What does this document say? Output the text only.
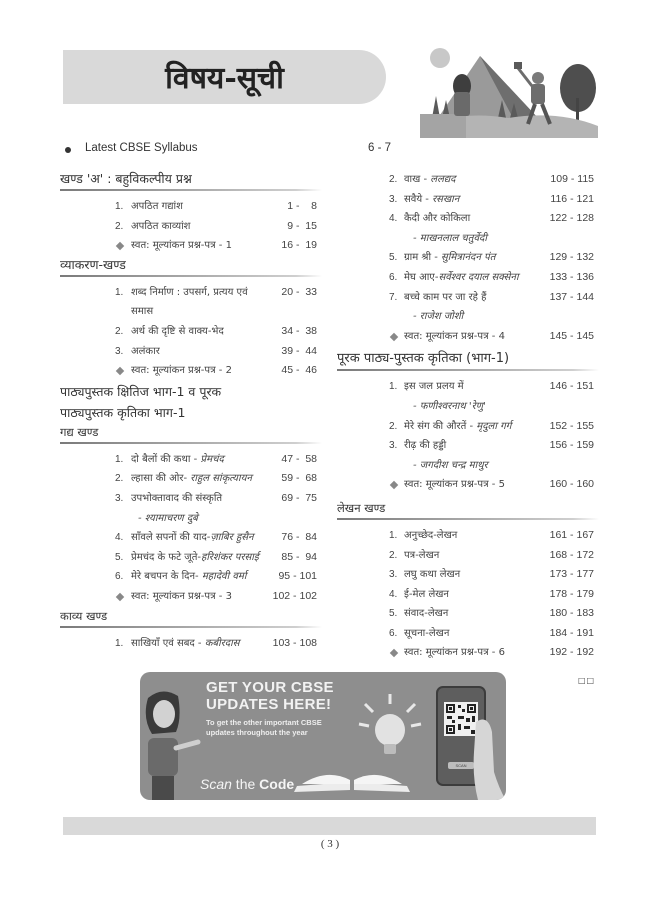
विषय-सूची
Latest CBSE Syllabus	6 - 7
खण्ड 'अ' : बहुविकल्पीय प्रश्न
1. अपठित गद्यांश	1 -    8
2. अपठित काव्यांश	9 -  15
स्वत: मूल्यांकन प्रश्न-पत्र - 1	16 -  19
व्याकरण-खण्ड
1. शब्द निर्माण : उपसर्ग, प्रत्यय एवं	20 -  33
समास
2. अर्थ की दृष्टि से वाक्य-भेद	34 -  38
3. अलंकार	39 -  44
स्वत: मूल्यांकन प्रश्न-पत्र - 2	45 -  46
पाठ्यपुस्तक क्षितिज भाग-1 व पूरक
पाठ्यपुस्तक कृतिका भाग-1
गद्य खण्ड
1. दो बैलों की कथा - प्रेमचंद	47 -  58
2. ल्हासा की ओर- राहुल सांकृत्यायन	59 -  68
3. उपभोक्तावाद की संस्कृति	69 -  75
- श्यामाचरण दुबे
4. साँवले सपनों की याद-ज़ाबिर हुसैन	76 -  84
5. प्रेमचंद के फटे जूते-हरिशंकर परसाई	85 -  94
6. मेरे बचपन के दिन- महादेवी वर्मा	95 - 101
स्वत: मूल्यांकन प्रश्न-पत्र - 3	102 - 102
काव्य खण्ड
1. साखियाँ एवं सबद - कबीरदास	103 - 108
2. वाख - ललद्यद	109 - 115
3. सवैये - रसखान	116 - 121
4. कैदी और कोकिला	122 - 128
- माखनलाल चतुर्वेदी
5. ग्राम श्री - सुमित्रानंदन पंत	129 - 132
6. मेघ आए-सर्वेश्वर दयाल सक्सेना	133 - 136
7. बच्चे काम पर जा रहे हैं	137 - 144
- राजेश जोशी
स्वत: मूल्यांकन प्रश्न-पत्र - 4	145 - 145
पूरक पाठ्य-पुस्तक कृतिका (भाग-1)
1. इस जल प्रलय में	146 - 151
- फणीश्वरनाथ 'रेणु'
2. मेरे संग की औरतें - मृदुला गर्ग	152 - 155
3. रीढ़ की हड्डी	156 - 159
- जगदीश चन्द्र माथुर
स्वत: मूल्यांकन प्रश्न-पत्र - 5	160 - 160
लेखन खण्ड
1. अनुच्छेद-लेखन	161 - 167
2. पत्र-लेखन	168 - 172
3. लघु कथा लेखन	173 - 177
4. ई-मेल लेखन	178 - 179
5. संवाद-लेखन	180 - 183
6. सूचना-लेखन	184 - 191
स्वत: मूल्यांकन प्रश्न-पत्र - 6	192 - 192
□□
GET YOUR CBSE
UPDATES HERE!
To get the other important CBSE
updates throughout the year
Scan the Code
SCAN
( 3 )
